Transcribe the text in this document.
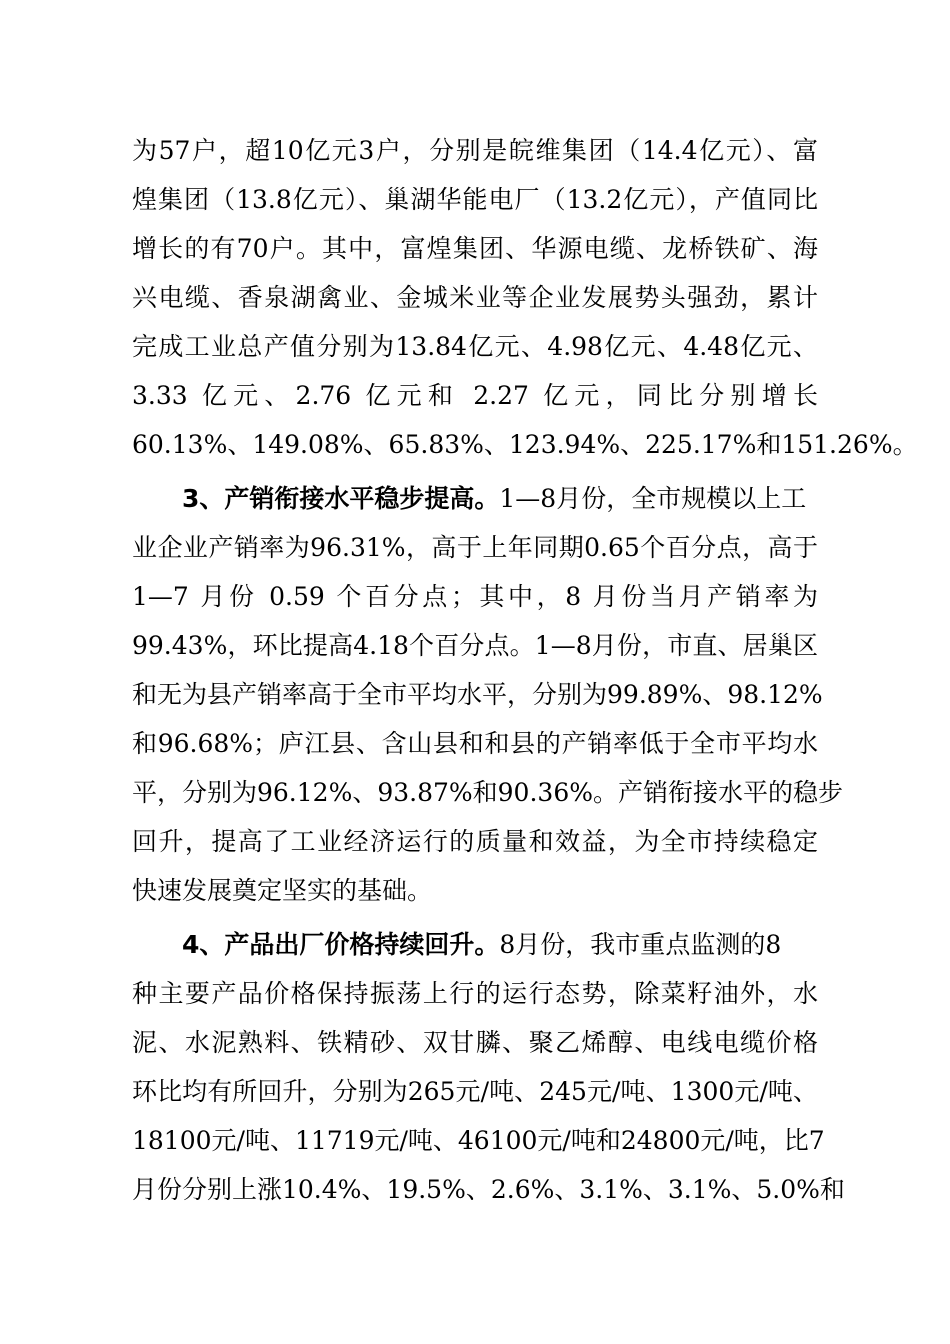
为57户，超10亿元3户，分别是皖维集团（14.4亿元）、富
煌集团（13.8亿元）、巢湖华能电厂（13.2亿元），产值同比
增长的有70户。其中，富煌集团、华源电缆、龙桥铁矿、海
兴电缆、香泉湖禽业、金城米业等企业发展势头强劲，累计
完成工业总产值分别为13.84亿元、4.98亿元、4.48亿元、
3.33 亿元、2.76 亿元和 2.27 亿元，同比分别增长
60.13%、149.08%、65.83%、123.94%、225.17%和151.26%。
3、产销衔接水平稳步提高。1—8月份，全市规模以上工
业企业产销率为96.31%，高于上年同期0.65个百分点，高于
1—7 月份 0.59 个百分点；其中，8 月份当月产销率为
99.43%，环比提高4.18个百分点。1—8月份，市直、居巢区
和无为县产销率高于全市平均水平，分别为99.89%、98.12%
和96.68%；庐江县、含山县和和县的产销率低于全市平均水
平，分别为96.12%、93.87%和90.36%。产销衔接水平的稳步
回升，提高了工业经济运行的质量和效益，为全市持续稳定
快速发展奠定坚实的基础。
4、产品出厂价格持续回升。8月份，我市重点监测的8
种主要产品价格保持振荡上行的运行态势，除菜籽油外，水
泥、水泥熟料、铁精砂、双甘膦、聚乙烯醇、电线电缆价格
环比均有所回升，分别为265元/吨、245元/吨、1300元/吨、
18100元/吨、11719元/吨、46100元/吨和24800元/吨，比7
月份分别上涨10.4%、19.5%、2.6%、3.1%、3.1%、5.0%和
